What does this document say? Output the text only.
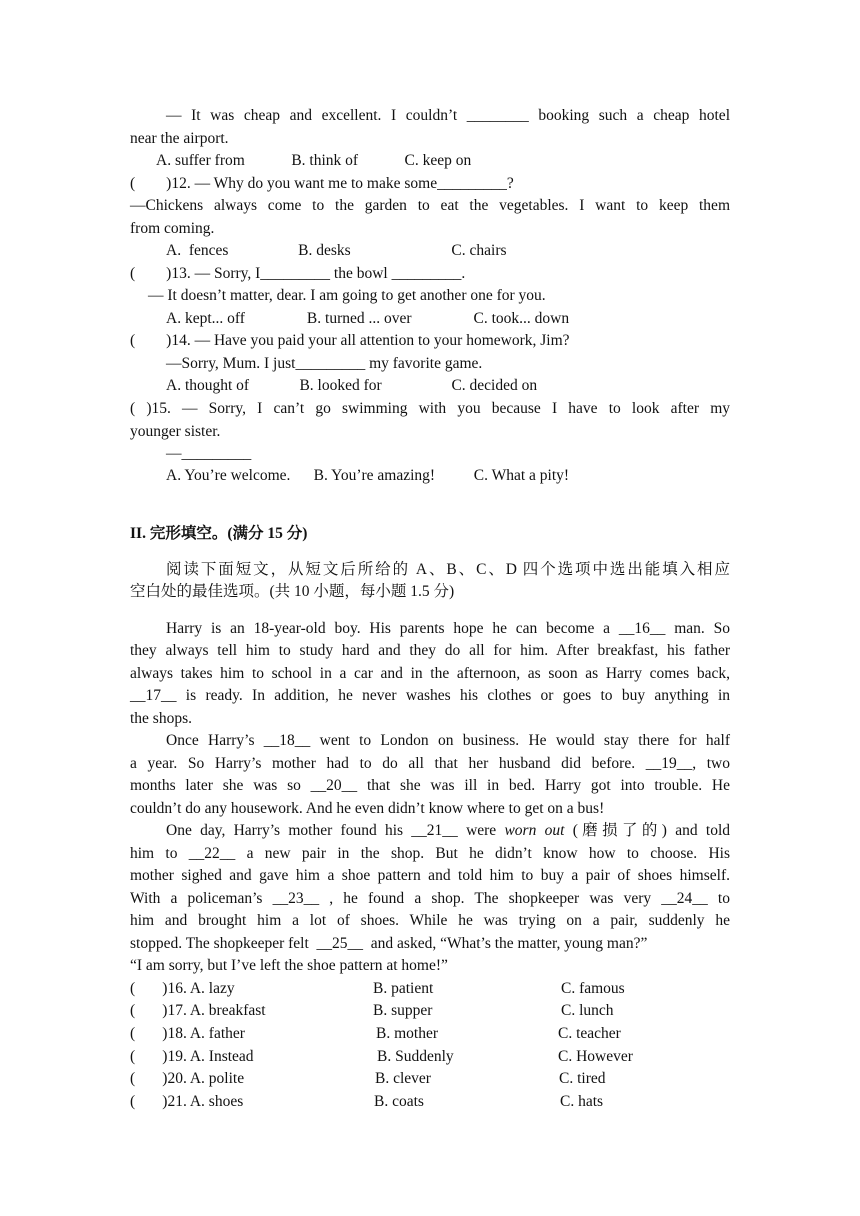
— It was cheap and excellent. I couldn’t ________ booking such a cheap hotel
near the airport.
A. suffer from            B. think of            C. keep on
(        )12. — Why do you want me to make some_________?
—Chickens always come to the garden to eat the vegetables. I want to keep them
from coming.
A.  fences                  B. desks                          C. chairs
(        )13. — Sorry, I_________ the bowl _________.
— It doesn’t matter, dear. I am going to get another one for you.
A. kept... off                B. turned ... over                C. took... down
(        )14. — Have you paid your all attention to your homework, Jim?
—Sorry, Mum. I just_________ my favorite game.
A. thought of             B. looked for                  C. decided on
( )15. — Sorry, I can’t go swimming with you because I have to look after my
younger sister.
—_________
A. You’re welcome.      B. You’re amazing!          C. What a pity!
II. 完形填空。(满分 15 分)
阅读下面短文，从短文后所给的 A、B、C、D 四个选项中选出能填入相应
空白处的最佳选项。(共 10 小题，每小题 1.5 分)
Harry is an 18-year-old boy. His parents hope he can become a __16__ man. So
they always tell him to study hard and they do all for him. After breakfast, his father
always takes him to school in a car and in the afternoon, as soon as Harry comes back,
__17__ is ready. In addition, he never washes his clothes or goes to buy anything in
the shops.
Once Harry’s __18__ went to London on business. He would stay there for half
a year. So Harry’s mother had to do all that her husband did before. __19__, two
months later she was so __20__ that she was ill in bed. Harry got into trouble. He
couldn’t do any housework. And he even didn’t know where to get on a bus!
One day, Harry’s mother found his __21__ were worn out (磨损了的) and told
him to __22__ a new pair in the shop. But he didn’t know how to choose. His
mother sighed and gave him a shoe pattern and told him to buy a pair of shoes himself.
With a policeman’s __23__ , he found a shop. The shopkeeper was very __24__ to
him and brought him a lot of shoes. While he was trying on a pair, suddenly he
stopped. The shopkeeper felt  __25__  and asked, “What’s the matter, young man?”
“I am sorry, but I’ve left the shoe pattern at home!”
(       )16. A. lazy	B. patient	C. famous
(       )17. A. breakfast	B. supper	C. lunch
(       )18. A. father	B. mother	C. teacher
(       )19. A. Instead	B. Suddenly	C. However
(       )20. A. polite	B. clever	C. tired
(       )21. A. shoes	B. coats	C. hats
